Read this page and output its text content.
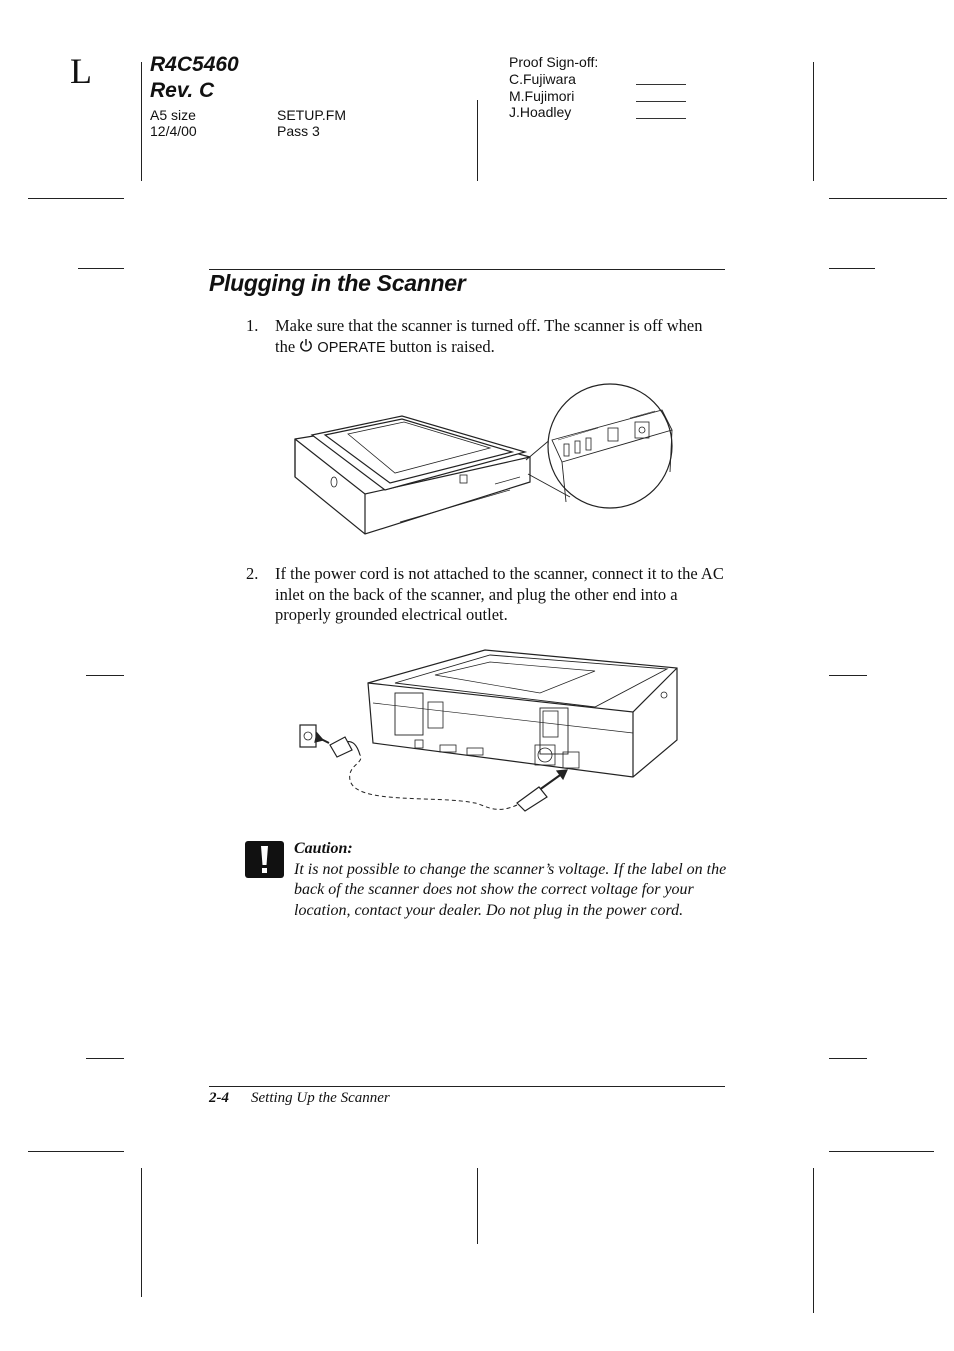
L	R4C5460
Rev. C
A5 size
12/4/00
SETUP.FM
Pass 3
Proof Sign-off:
C.Fujiwara
M.Fujimori
J.Hoadley
Plugging in the Scanner
1. Make sure that the scanner is turned off. The scanner is off when the OPERATE button is raised.
2. If the power cord is not attached to the scanner, connect it to the AC inlet on the back of the scanner, and plug the other end into a properly grounded electrical outlet.
Caution:
It is not possible to change the scanner’s voltage. If the label on the back of the scanner does not show the correct voltage for your location, contact your dealer. Do not plug in the power cord.
2-4 Setting Up the Scanner
